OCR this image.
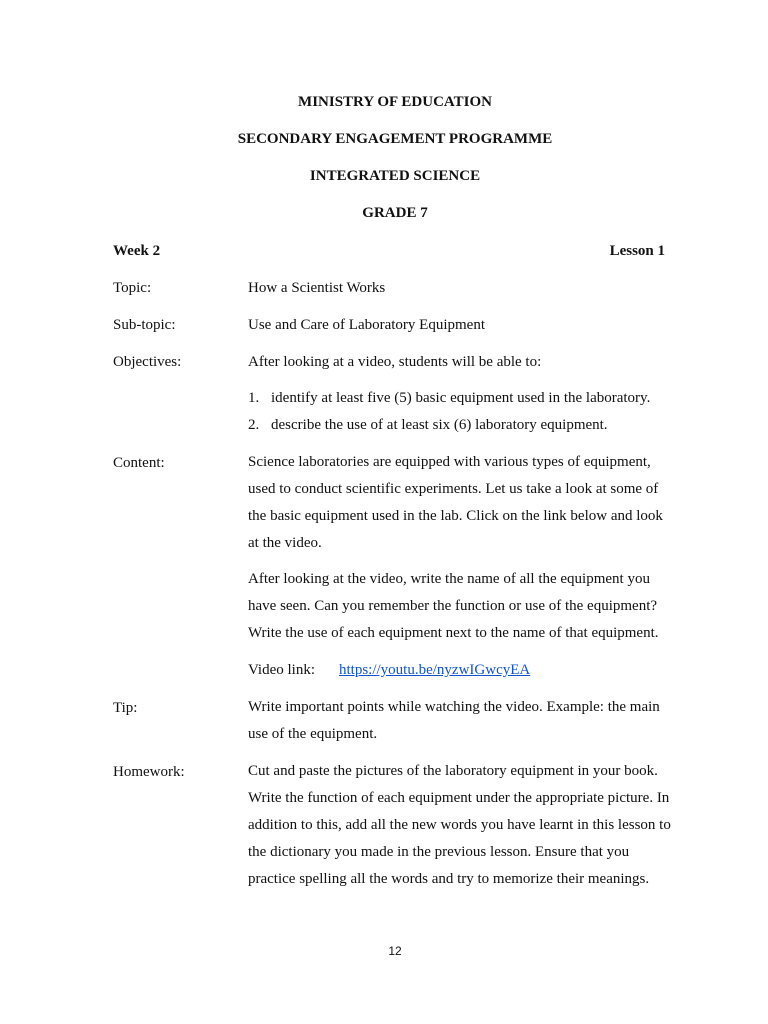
MINISTRY OF EDUCATION
SECONDARY ENGAGEMENT PROGRAMME
INTEGRATED SCIENCE
GRADE 7
Week 2	Lesson 1
Topic:	How a Scientist Works
Sub-topic:	Use and Care of Laboratory Equipment
Objectives:	After looking at a video, students will be able to:
1. identify at least five (5) basic equipment used in the laboratory.
2. describe the use of at least six (6) laboratory equipment.
Content:	Science laboratories are equipped with various types of equipment,
used to conduct scientific experiments. Let us take a look at some of
the basic equipment used in the lab. Click on the link below and look
at the video.
After looking at the video, write the name of all the equipment you
have seen. Can you remember the function or use of the equipment?
Write the use of each equipment next to the name of that equipment.
Video link: https://youtu.be/nyzwIGwcyEA
Tip:	Write important points while watching the video. Example: the main
use of the equipment.
Homework:	Cut and paste the pictures of the laboratory equipment in your book.
Write the function of each equipment under the appropriate picture. In
addition to this, add all the new words you have learnt in this lesson to
the dictionary you made in the previous lesson. Ensure that you
practice spelling all the words and try to memorize their meanings.
12
